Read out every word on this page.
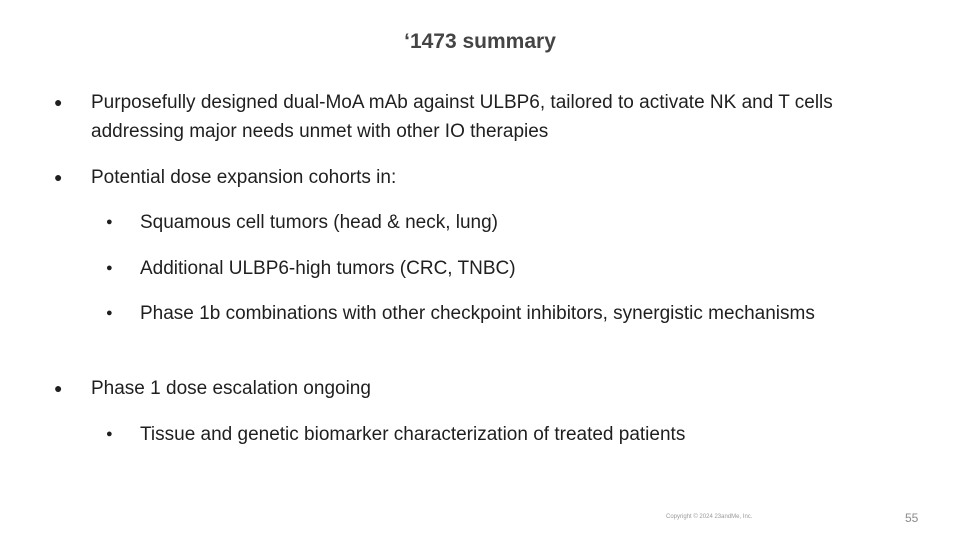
‘1473 summary
● Purposefully designed dual-MoA mAb against ULBP6, tailored to activate NK and T cells addressing major needs unmet with other IO therapies
● Potential dose expansion cohorts in:
● Squamous cell tumors (head & neck, lung)
● Additional ULBP6-high tumors (CRC, TNBC)
● Phase 1b combinations with other checkpoint inhibitors, synergistic mechanisms
● Phase 1 dose escalation ongoing
● Tissue and genetic biomarker characterization of treated patients
Copyright © 2024 23andMe, Inc.	55
